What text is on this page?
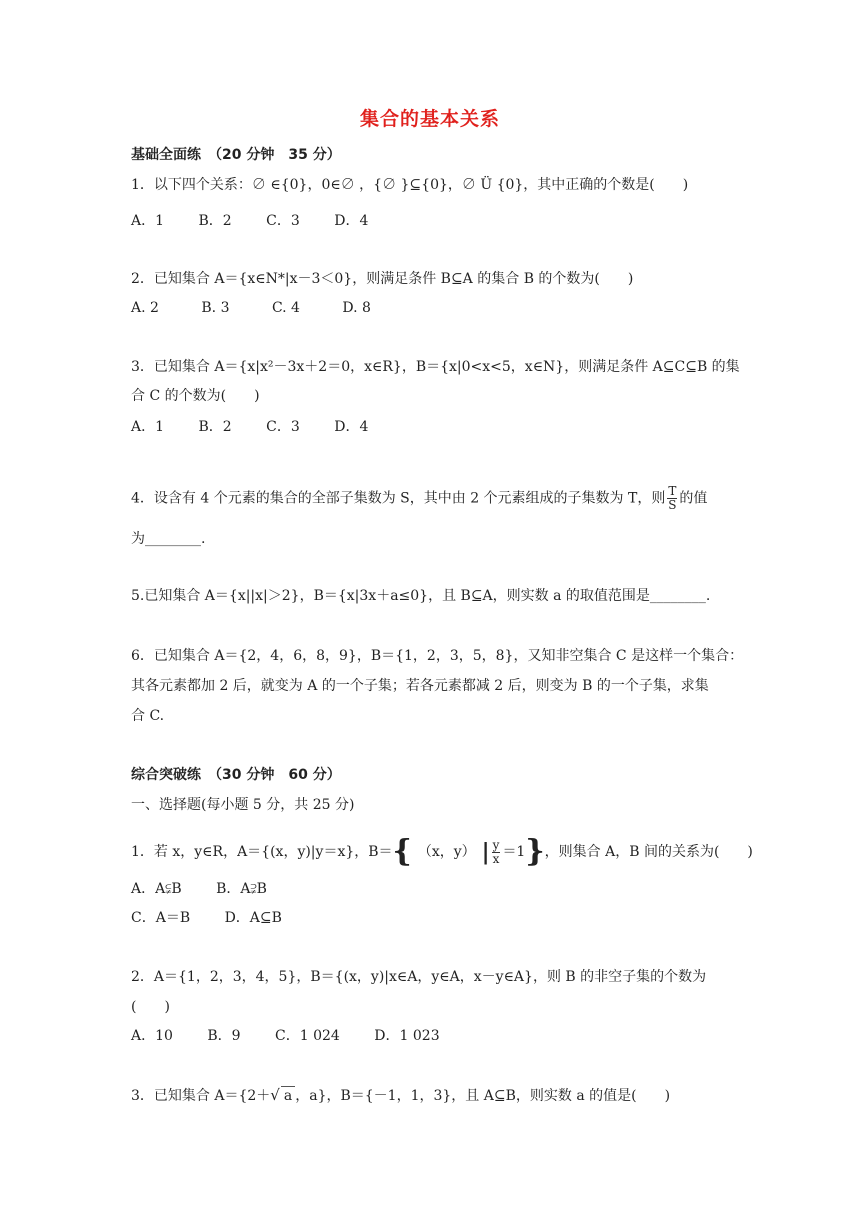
集合的基本关系
基础全面练　（20 分钟　35 分）
1．以下四个关系：∅ ∈{0}，0∈∅ ，{∅ }⊆{0}，∅ Ü {0}，其中正确的个数是(　　)
A．1 B．2 C．3 D．4
2．已知集合 A＝{x∈N*|x－3＜0}，则满足条件 B⊆A 的集合 B 的个数为(　　)
A. 2	B. 3	C. 4	D. 8
3．已知集合 A＝{x|x²－3x＋2＝0，x∈R}，B＝{x|0<x<5，x∈N}，则满足条件 A⊆C⊆B 的集
合 C 的个数为(　　)
A．1 B．2 C．3 D．4
4．设含有 4 个元素的集合的全部子集数为 S，其中由 2 个元素组成的子集数为 T，则 $\frac{T}{S}$ 的值
为________.
5.已知集合 A＝{x||x|＞2}，B＝{x|3x＋a≤0}，且 B⊆A，则实数 a 的取值范围是________.
6．已知集合 A＝{2，4，6，8，9}，B＝{1，2，3，5，8}，又知非空集合 C 是这样一个集合：
其各元素都加 2 后，就变为 A 的一个子集；若各元素都减 2 后，则变为 B 的一个子集，求集
合 C.
综合突破练　（30 分钟　60 分）
一、选择题(每小题 5 分，共 25 分)
1．若 x，y∈R，A＝{(x，y)|y＝x}，B＝{ （x，y） | $\frac{y}{x} =1$}，则集合 A，B 间的关系为(　　)
A．A⫋B B．A⫌B
C．A＝B D．A⊆B
2．A＝{1，2，3，4，5}，B＝{(x，y)|x∈A，y∈A，x－y∈A}，则 B 的非空子集的个数为
(　　)
A．10 B．9 C．1 024 D．1 023
3．已知集合 A＝{2＋√ a ，a}，B＝{－1，1，3}，且 A⊆B，则实数 a 的值是(　　)
